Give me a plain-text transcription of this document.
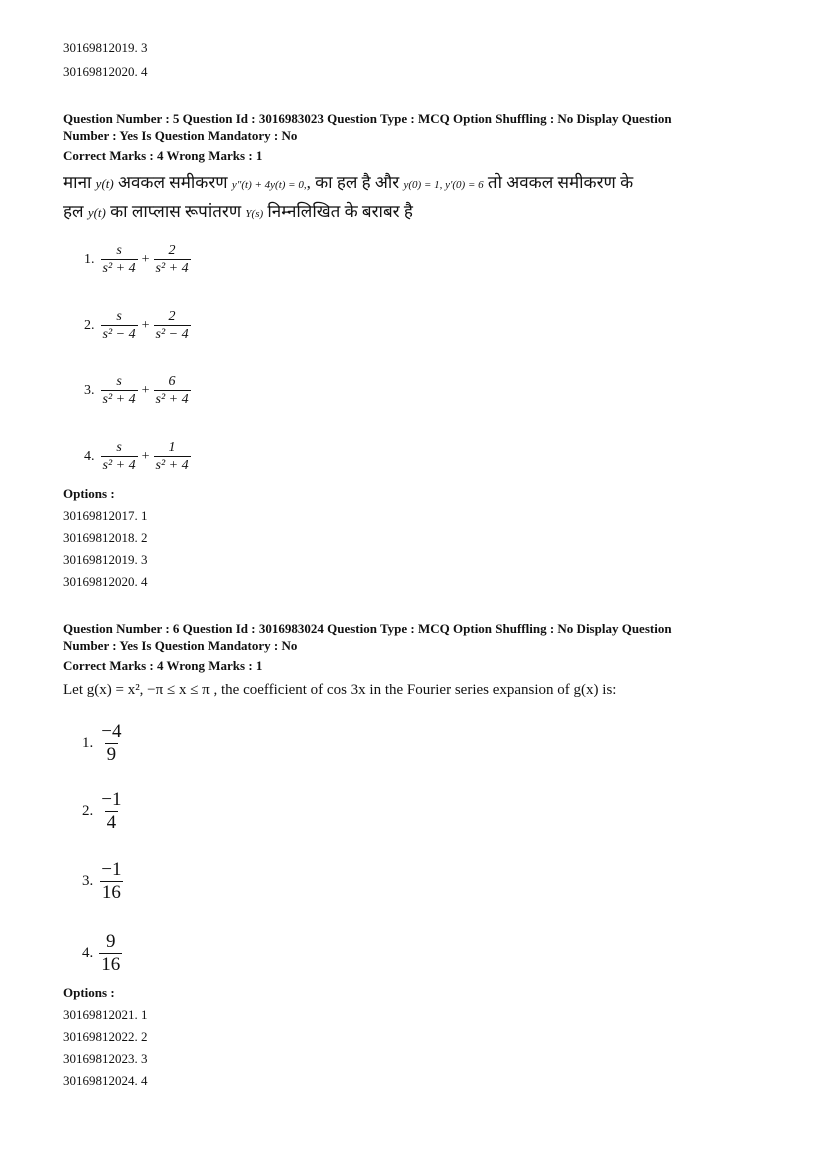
30169812019. 3
30169812020. 4
Question Number : 5 Question Id : 3016983023 Question Type : MCQ Option Shuffling : No Display Question
Number : Yes Is Question Mandatory : No
Correct Marks : 4 Wrong Marks : 1
माना y(t) अवकल समीकरण y"(t) + 4y(t) = 0,, का हल है और y(0) = 1, y'(0) = 6 तो अवकल समीकरण के
हल y(t) का लाप्लास रूपांतरण Y(s) निम्नलिखित के बराबर है
1. $\frac{s}{\text{s² + 4}} + \frac{2}{\text{s² + 4}}$
2. $\frac{s}{\text{s² − 4}} + \frac{2}{\text{s² − 4}}$
3. $\frac{s}{\text{s² + 4}} + \frac{6}{\text{s² + 4}}$
4. $\frac{s}{\text{s² + 4}} + \frac{1}{\text{s² + 4}}$
Options :
30169812017. 1
30169812018. 2
30169812019. 3
30169812020. 4
Question Number : 6 Question Id : 3016983024 Question Type : MCQ Option Shuffling : No Display Question
Number : Yes Is Question Mandatory : No
Correct Marks : 4 Wrong Marks : 1
Let g(x) = x², −π ≤ x ≤ π , the coefficient of cos 3x in the Fourier series expansion of g(x) is:
1. $\frac{-4}{9}$
2. $\frac{-1}{4}$
3. $\frac{-1}{16}$
4. $\frac{9}{16}$
Options :
30169812021. 1
30169812022. 2
30169812023. 3
30169812024. 4
